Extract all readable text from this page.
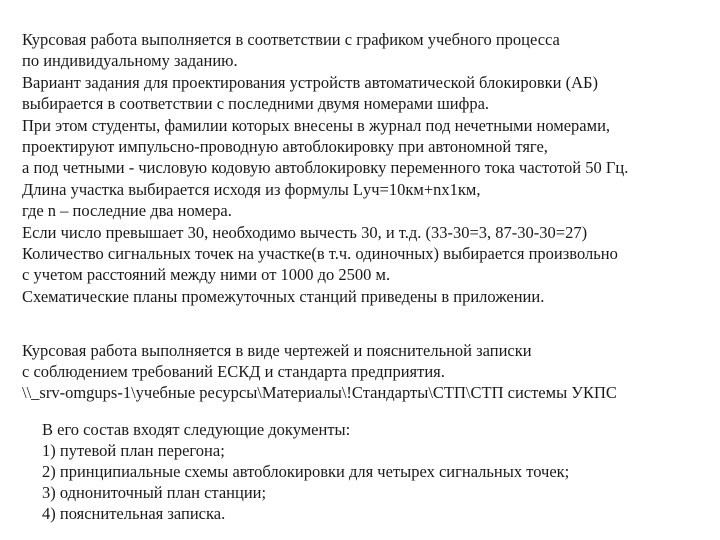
Курсовая работа выполняется в соответствии с графиком учебного процесса
по индивидуальному заданию.
Вариант задания для проектирования устройств автоматической блокировки (АБ)
выбирается в соответствии с последними двумя номерами шифра.
При этом студенты, фамилии которых внесены в журнал под нечетными номерами,
проектируют импульсно-проводную автоблокировку при автономной тяге,
а под четными - числовую кодовую автоблокировку переменного тока частотой 50 Гц.
Длина участка выбирается исходя из формулы Lуч=10км+nх1км,
где n – последние два номера.
Если число превышает 30, необходимо вычесть 30, и т.д. (33-30=3, 87-30-30=27)
Количество сигнальных точек на участке(в т.ч. одиночных) выбирается произвольно
с учетом расстояний между ними от 1000 до 2500 м.
Схематические планы промежуточных станций приведены в приложении.
Курсовая работа выполняется в виде чертежей и пояснительной записки
с соблюдением требований ЕСКД и стандарта предприятия.
\\_srv-omgups-1\учебные ресурсы\Материалы\!Стандарты\СТП\СТП системы УКПС
В его состав входят следующие документы:
1) путевой план перегона;
2) принципиальные схемы автоблокировки для четырех сигнальных точек;
3) однониточный план станции;
4) пояснительная записка.
